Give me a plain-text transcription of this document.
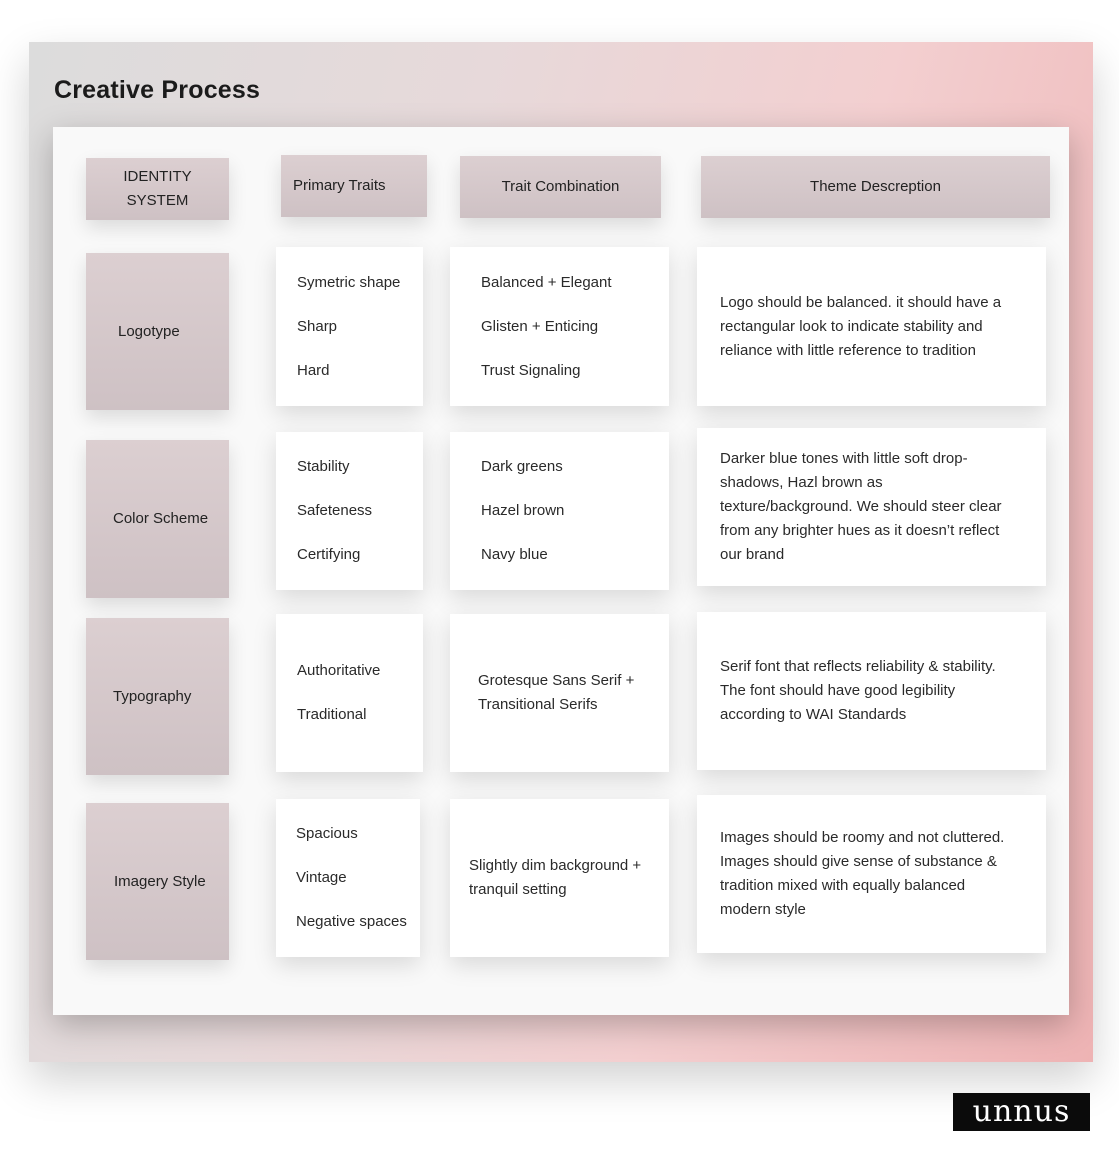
Creative Process
IDENTITY
SYSTEM
Primary Traits	Trait Combination	Theme Descreption
Logotype
Symetric shape
Sharp
Hard
Balanced + Elegant
Glisten + Enticing
Trust Signaling

Logo should be balanced. it should have a rectangular look to indicate stability and reliance with little reference to tradition

Color Scheme
Stability
Safeteness
Certifying
Dark greens
Hazel brown
Navy blue

Darker blue tones with little soft drop-shadows, Hazl brown as texture/background. We should steer clear from any brighter hues as it doesn’t reflect our brand

Typography
Authoritative
Traditional

Grotesque Sans Serif + Transitional Serifs

Serif font that reflects reliability & stability. The font should have good legibility according to WAI Standards

Imagery Style
Spacious
Vintage
Negative spaces

Slightly dim background + tranquil setting

Images should be roomy and not cluttered. Images should give sense of substance & tradition mixed with equally balanced modern style

unnus
